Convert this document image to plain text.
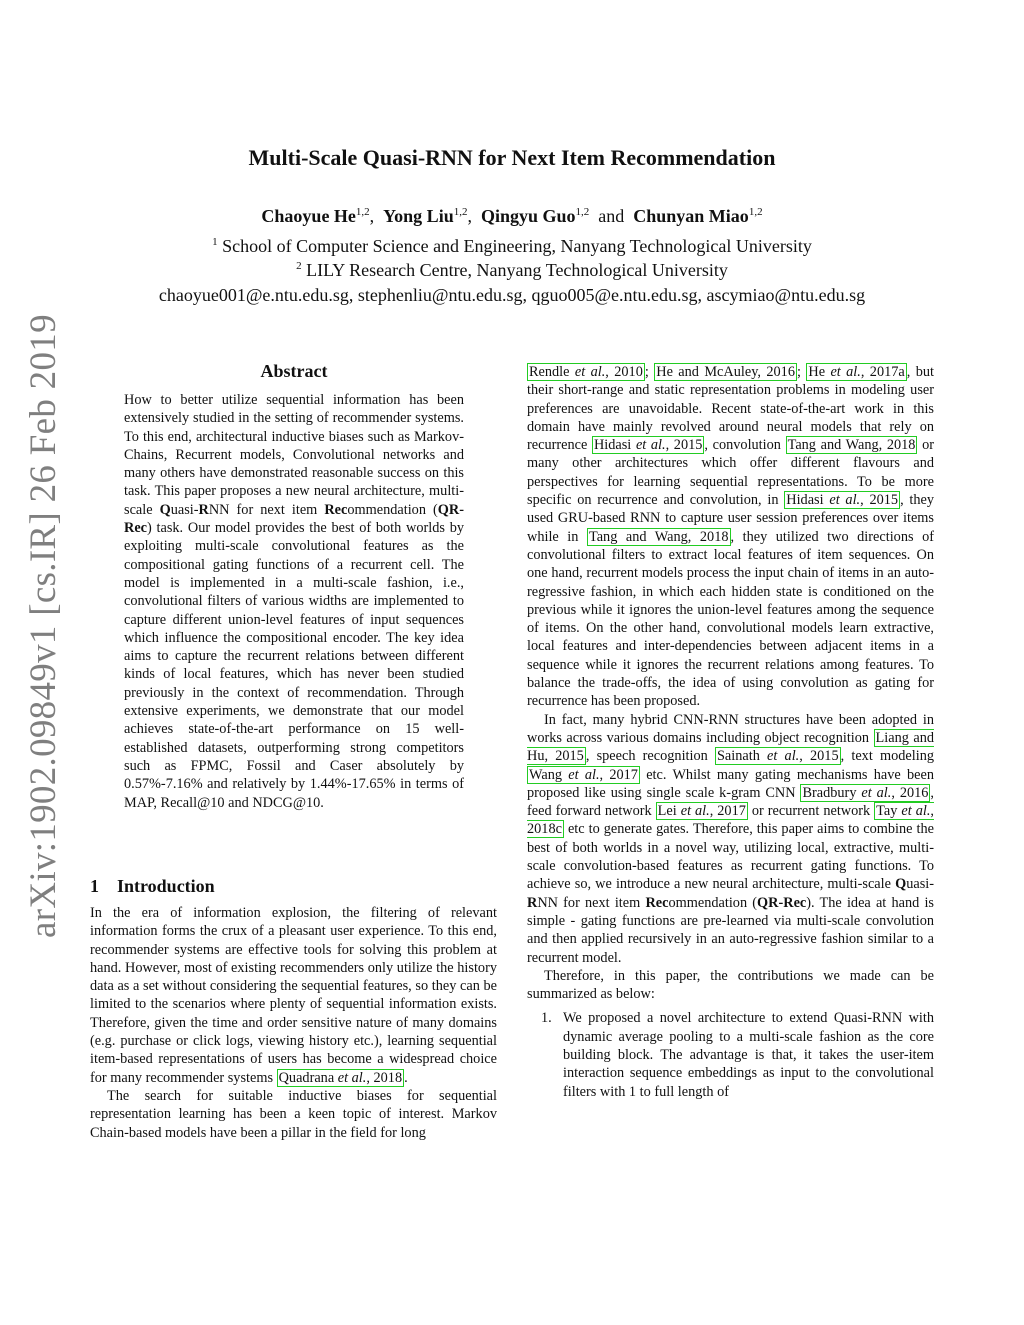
arXiv:1902.09849v1 [cs.IR] 26 Feb 2019
Multi-Scale Quasi-RNN for Next Item Recommendation
Chaoyue He$^{1,2}$, Yong Liu$^{1,2}$, Qingyu Guo$^{1,2}$ and Chunyan Miao$^{1,2}$
$^1$ School of Computer Science and Engineering, Nanyang Technological University
$^2$ LILY Research Centre, Nanyang Technological University
chaoyue001@e.ntu.edu.sg, stephenliu@ntu.edu.sg, qguo005@e.ntu.edu.sg, ascymiao@ntu.edu.sg
Abstract
How to better utilize sequential information has been extensively studied in the setting of recommender systems. To this end, architectural inductive biases such as Markov-Chains, Recurrent models, Convolutional networks and many others have demonstrated reasonable success on this task. This paper proposes a new neural architecture, multi-scale Quasi-RNN for next item Recommendation (QR-Rec) task. Our model provides the best of both worlds by exploiting multi-scale convolutional features as the compositional gating functions of a recurrent cell. The model is implemented in a multi-scale fashion, i.e., convolutional filters of various widths are implemented to capture different union-level features of input sequences which influence the compositional encoder. The key idea aims to capture the recurrent relations between different kinds of local features, which has never been studied previously in the context of recommendation. Through extensive experiments, we demonstrate that our model achieves state-of-the-art performance on 15 well-established datasets, outperforming strong competitors such as FPMC, Fossil and Caser absolutely by 0.57%-7.16% and relatively by 1.44%-17.65% in terms of MAP, Recall@10 and NDCG@10.
1 Introduction

In the era of information explosion, the filtering of relevant information forms the crux of a pleasant user experience. To this end, recommender systems are effective tools for solving this problem at hand. However, most of existing recommenders only utilize the history data as a set without considering the sequential features, so they can be limited to the scenarios where plenty of sequential information exists. Therefore, given the time and order sensitive nature of many domains (e.g. purchase or click logs, viewing history etc.), learning sequential item-based representations of users has become a widespread choice for many recommender systems Quadrana et al., 2018 .

The search for suitable inductive biases for sequential representation learning has been a keen topic of interest. Markov Chain-based models have been a pillar in the field for long

Rendle et al., 2010 ; He and McAuley, 2016 ; He et al., 2017a , but their short-range and static representation problems in modeling user preferences are unavoidable. Recent state-of-the-art work in this domain have mainly revolved around neural models that rely on recurrence Hidasi et al., 2015 , convolution Tang and Wang, 2018 or many other architectures which offer different flavours and perspectives for learning sequential representations. To be more specific on recurrence and convolution, in Hidasi et al., 2015 , they used GRU-based RNN to capture user session preferences over items while in Tang and Wang, 2018 , they utilized two directions of convolutional filters to extract local features of item sequences. On one hand, recurrent models process the input chain of items in an auto-regressive fashion, in which each hidden state is conditioned on the previous while it ignores the union-level features among the sequence of items. On the other hand, convolutional models learn extractive, local features and inter-dependencies between adjacent items in a sequence while it ignores the recurrent relations among features. To balance the trade-offs, the idea of using convolution as gating for recurrence has been proposed.

In fact, many hybrid CNN-RNN structures have been adopted in works across various domains including object recognition Liang and Hu, 2015 , speech recognition Sainath et al., 2015 , text modeling Wang et al., 2017 etc. Whilst many gating mechanisms have been proposed like using single scale k-gram CNN Bradbury et al., 2016 , feed forward network Lei et al., 2017 or recurrent network Tay et al., 2018c etc to generate gates. Therefore, this paper aims to combine the best of both worlds in a novel way, utilizing local, extractive, multi-scale convolution-based features as recurrent gating functions. To achieve so, we introduce a new neural architecture, multi-scale Quasi-RNN for next item Recommendation (QR-Rec). The idea at hand is simple - gating functions are pre-learned via multi-scale convolution and then applied recursively in an auto-regressive fashion similar to a recurrent model.

Therefore, in this paper, the contributions we made can be summarized as below:

1. We proposed a novel architecture to extend Quasi-RNN with dynamic average pooling to a multi-scale fashion as the core building block. The advantage is that, it takes the user-item interaction sequence embeddings as input to the convolutional filters with 1 to full length of
